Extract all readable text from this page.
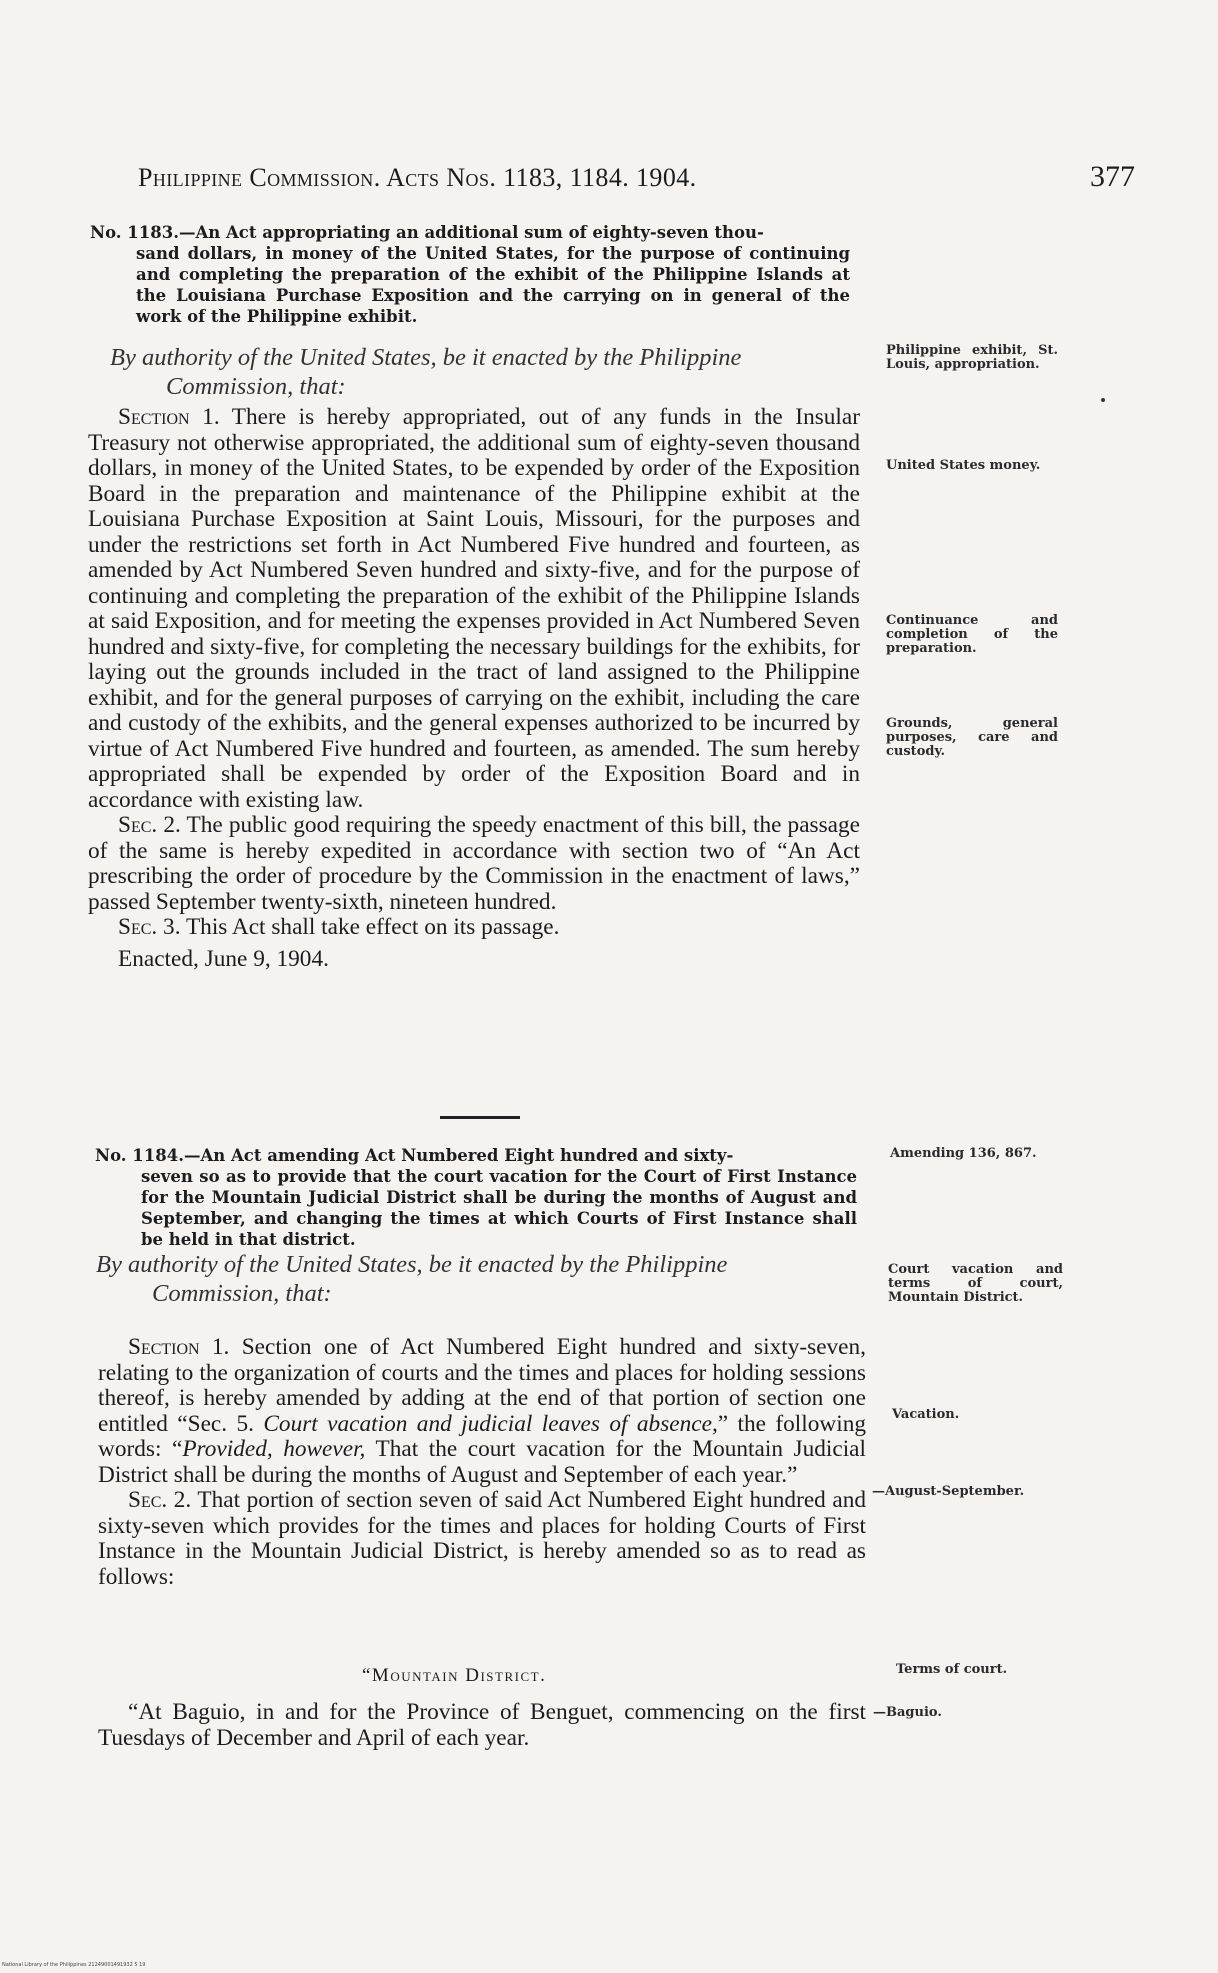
Philippine Commission. Acts Nos. 1183, 1184. 1904.	377
No. 1183.—An Act appropriating an additional sum of eighty-seven thou-
sand dollars, in money of the United States, for the purpose of continuing and completing the preparation of the exhibit of the Philippine Islands at the Louisiana Purchase Exposition and the carrying on in general of the work of the Philippine exhibit.
By authority of the United States, be it enacted by the Philippine
Commission, that:

Section 1. There is hereby appropriated, out of any funds in the Insular Treasury not otherwise appropriated, the additional sum of eighty-seven thousand dollars, in money of the United States, to be expended by order of the Exposition Board in the preparation and maintenance of the Philippine exhibit at the Louisiana Purchase Exposition at Saint Louis, Missouri, for the purposes and under the restrictions set forth in Act Numbered Five hundred and fourteen, as amended by Act Numbered Seven hundred and sixty-five, and for the purpose of continuing and completing the preparation of the exhibit of the Philippine Islands at said Exposition, and for meeting the expenses provided in Act Numbered Seven hundred and sixty-five, for completing the necessary buildings for the exhibits, for laying out the grounds included in the tract of land assigned to the Philippine exhibit, and for the general purposes of carrying on the exhibit, including the care and custody of the exhibits, and the general expenses authorized to be incurred by virtue of Act Numbered Five hundred and fourteen, as amended. The sum hereby appropriated shall be expended by order of the Exposition Board and in accordance with existing law.

Sec. 2. The public good requiring the speedy enactment of this bill, the passage of the same is hereby expedited in accordance with section two of “An Act prescribing the order of procedure by the Commission in the enactment of laws,” passed September twenty-sixth, nineteen hundred.

Sec. 3. This Act shall take effect on its passage.

Enacted, June 9, 1904.

No. 1184.—An Act amending Act Numbered Eight hundred and sixty-
seven so as to provide that the court vacation for the Court of First Instance for the Mountain Judicial District shall be during the months of August and September, and changing the times at which Courts of First Instance shall be held in that district.
By authority of the United States, be it enacted by the Philippine
Commission, that:

Section 1. Section one of Act Numbered Eight hundred and sixty-seven, relating to the organization of courts and the times and places for holding sessions thereof, is hereby amended by adding at the end of that portion of section one entitled “Sec. 5. Court vacation and judicial leaves of absence,” the following words: “Provided, however, That the court vacation for the Mountain Judicial District shall be during the months of August and September of each year.”

Sec. 2. That portion of section seven of said Act Numbered Eight hundred and sixty-seven which provides for the times and places for holding Courts of First Instance in the Mountain Judicial District, is hereby amended so as to read as follows:

“Mountain District.

“At Baguio, in and for the Province of Benguet, commencing on the first Tuesdays of December and April of each year.

Philippine exhibit, St. Louis, appropriation.
United States money.
Continuance and completion of the preparation.
Grounds, general purposes, care and custody.
Amending 136, 867.
Court vacation and terms of court, Mountain District.
Vacation.
—August-September.
Terms of court.
—Baguio.
National Library of the Philippines 21249001491932 5 19
